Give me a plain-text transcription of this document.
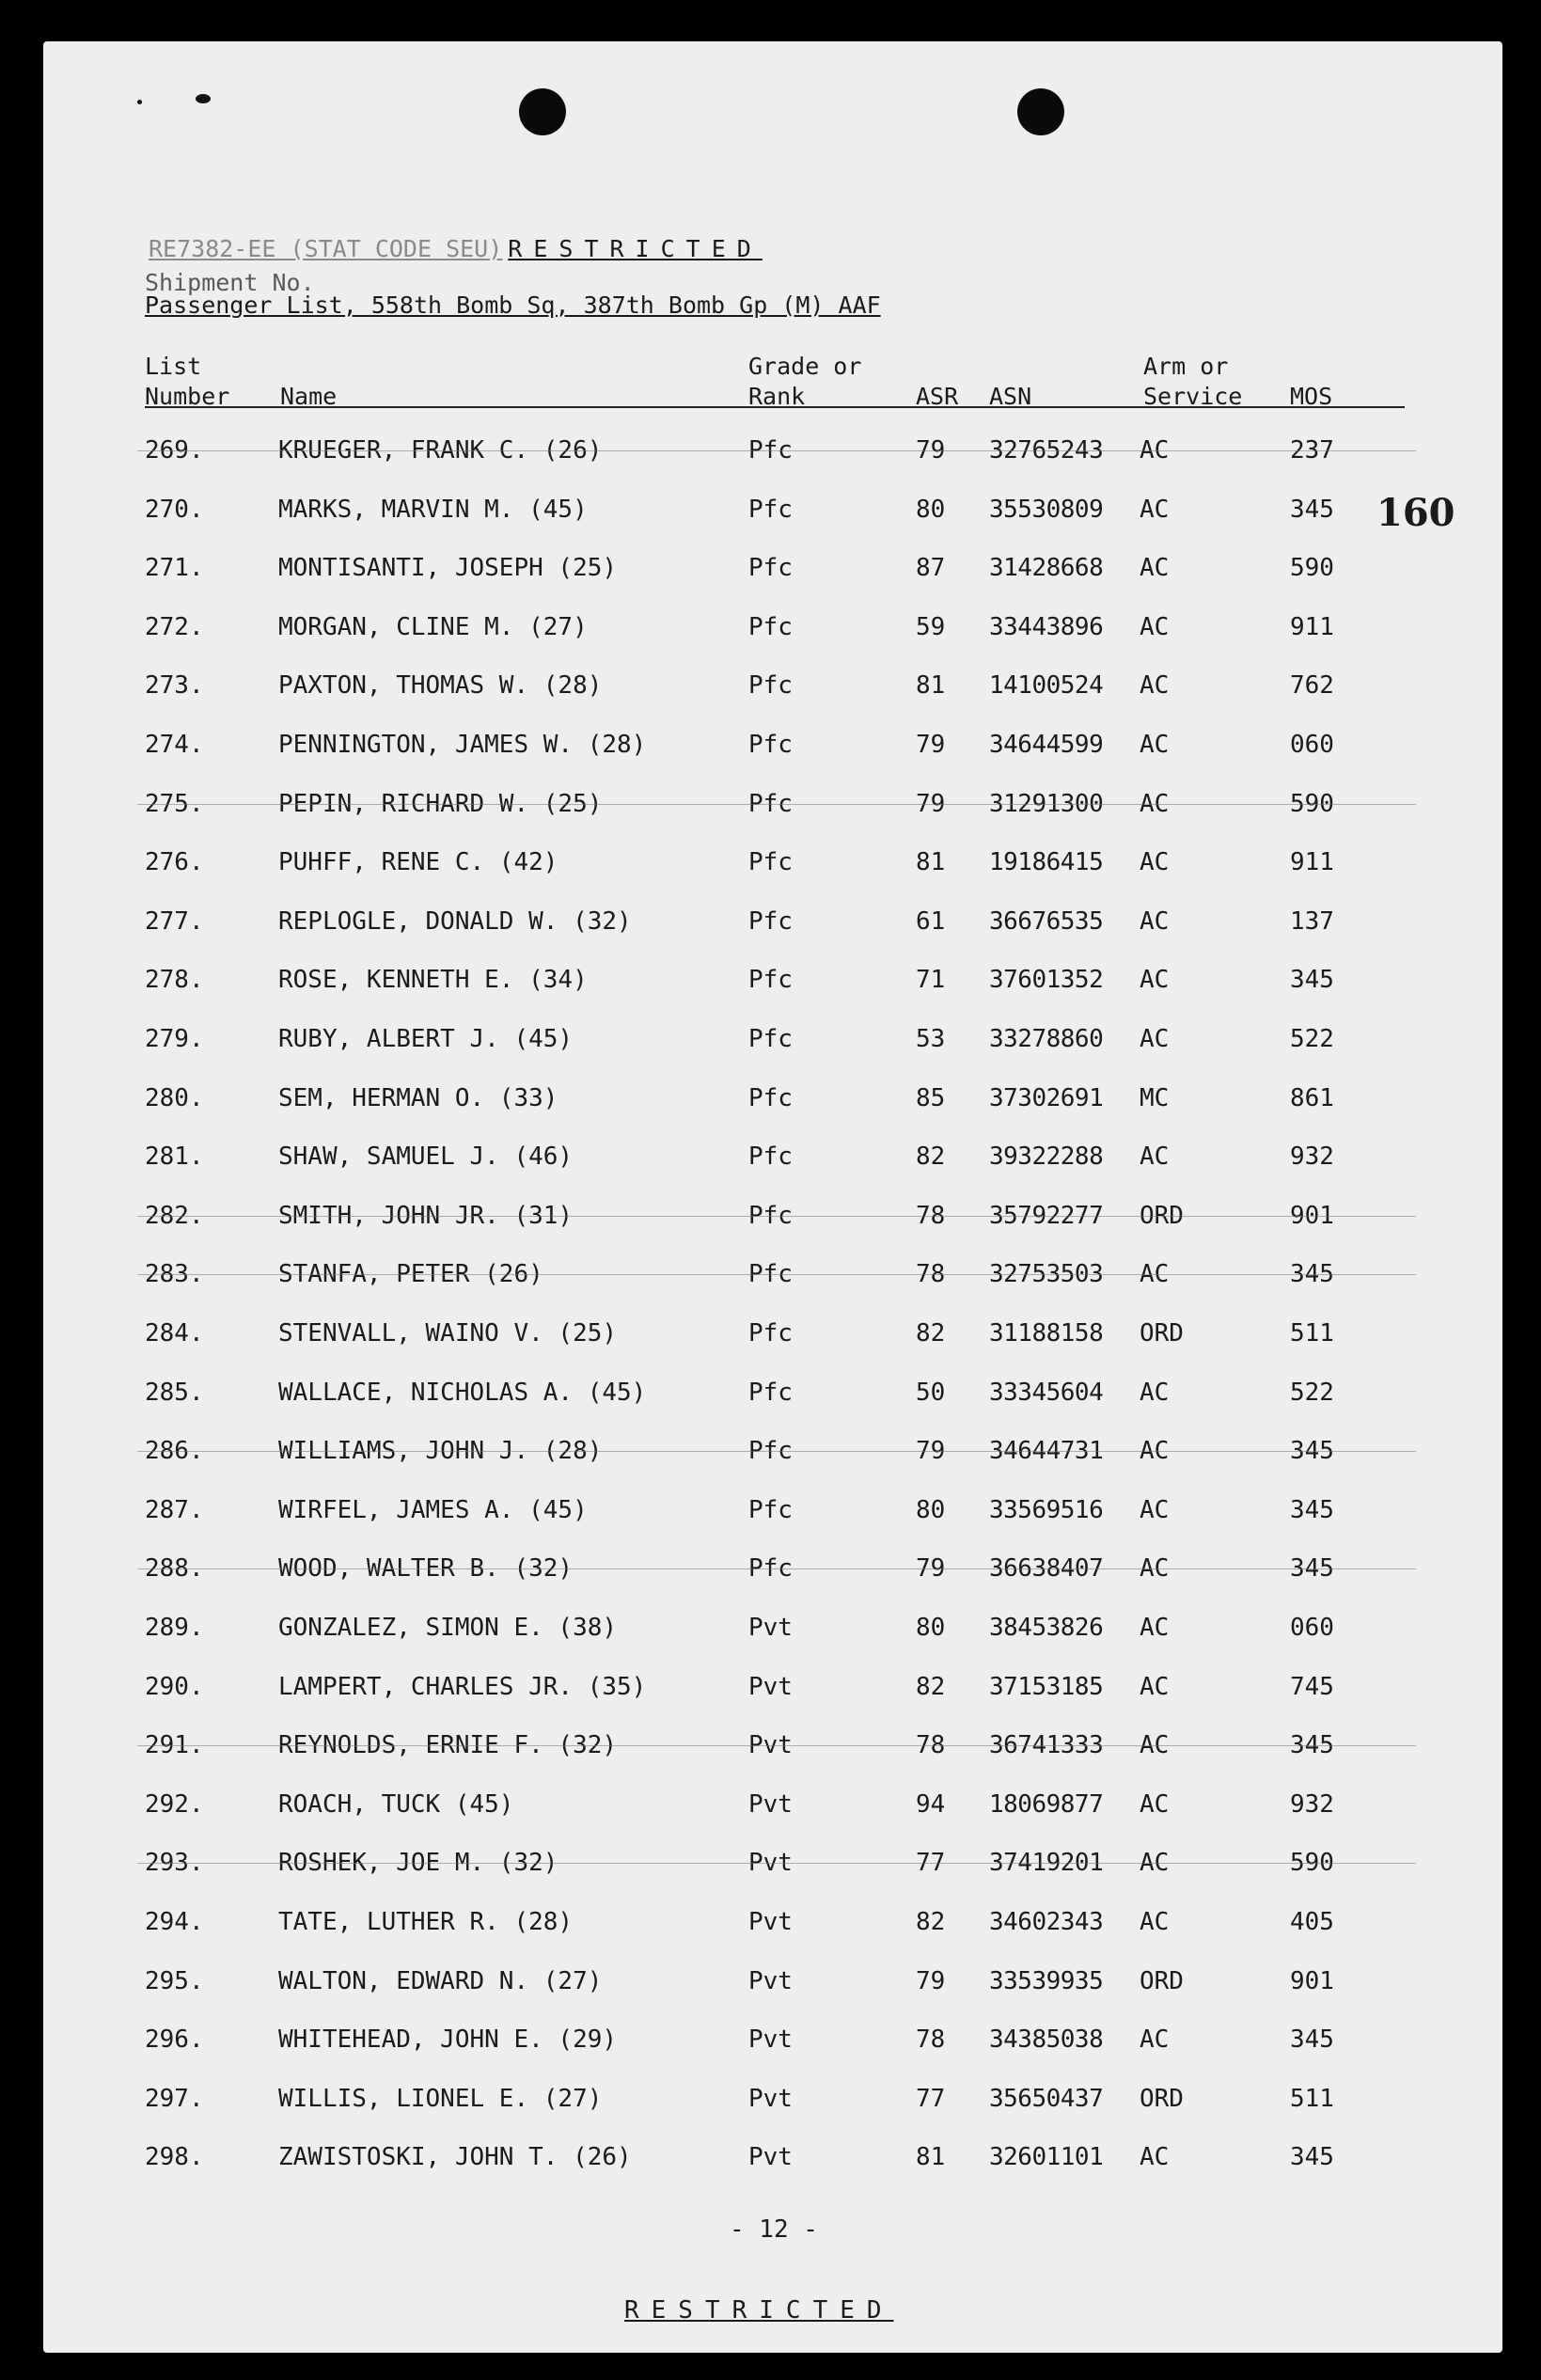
RE7382-EE (STAT CODE SEU) RESTRICTED
Shipment No.
Passenger List, 558th Bomb Sq, 387th Bomb Gp (M) AAF
List
Number Name
Grade or
Rank	ASR ASN
Arm or
Service MOS
160
269.	KRUEGER, FRANK C. (26)	Pfc	79 32765243 AC	237
270.	MARKS, MARVIN M. (45)	Pfc	80 35530809 AC	345
271.	MONTISANTI, JOSEPH (25)	Pfc	87 31428668 AC	590
272.	MORGAN, CLINE M. (27)	Pfc	59 33443896 AC	911
273.	PAXTON, THOMAS W. (28)	Pfc	81 14100524 AC	762
274.	PENNINGTON, JAMES W. (28)	Pfc	79 34644599 AC	060
275.	PEPIN, RICHARD W. (25)	Pfc	79 31291300 AC	590
276.	PUHFF, RENE C. (42)	Pfc	81 19186415 AC	911
277.	REPLOGLE, DONALD W. (32)	Pfc	61 36676535 AC	137
278.	ROSE, KENNETH E. (34)	Pfc	71 37601352 AC	345
279.	RUBY, ALBERT J. (45)	Pfc	53 33278860 AC	522
280.	SEM, HERMAN O. (33)	Pfc	85 37302691 MC	861
281.	SHAW, SAMUEL J. (46)	Pfc	82 39322288 AC	932
282.	SMITH, JOHN JR. (31)	Pfc	78 35792277 ORD	901
283.	STANFA, PETER (26)	Pfc	78 32753503 AC	345
284.	STENVALL, WAINO V. (25)	Pfc	82 31188158 ORD	511
285.	WALLACE, NICHOLAS A. (45)	Pfc	50 33345604 AC	522
286.	WILLIAMS, JOHN J. (28)	Pfc	79 34644731 AC	345
287.	WIRFEL, JAMES A. (45)	Pfc	80 33569516 AC	345
288.	WOOD, WALTER B. (32)	Pfc	79 36638407 AC	345
289.	GONZALEZ, SIMON E. (38)	Pvt	80 38453826 AC	060
290.	LAMPERT, CHARLES JR. (35)	Pvt	82 37153185 AC	745
291.	REYNOLDS, ERNIE F. (32)	Pvt	78 36741333 AC	345
292.	ROACH, TUCK (45)	Pvt	94 18069877 AC	932
293.	ROSHEK, JOE M. (32)	Pvt	77 37419201 AC	590
294.	TATE, LUTHER R. (28)	Pvt	82 34602343 AC	405
295.	WALTON, EDWARD N. (27)	Pvt	79 33539935 ORD	901
296.	WHITEHEAD, JOHN E. (29)	Pvt	78 34385038 AC	345
297.	WILLIS, LIONEL E. (27)	Pvt	77 35650437 ORD	511
298.	ZAWISTOSKI, JOHN T. (26)	Pvt	81 32601101 AC	345
- 12 -
RESTRICTED
